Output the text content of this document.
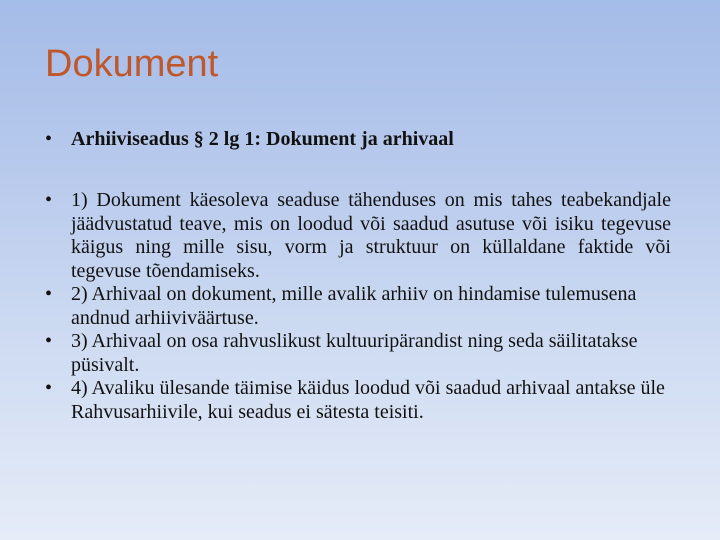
Dokument
• Arhiiviseadus § 2 lg 1: Dokument ja arhivaal
• 1) Dokument käesoleva seaduse tähenduses on mis tahes teabekandjale jäädvustatud teave, mis on loodud või saadud asutuse või isiku tegevuse käigus ning mille sisu, vorm ja struktuur on küllaldane faktide või tegevuse tõendamiseks.
• 2) Arhivaal on dokument, mille avalik arhiiv on hindamise tulemusena andnud arhiiviväärtuse.
• 3) Arhivaal on osa rahvuslikust kultuuripärandist ning seda säilitatakse püsivalt.
• 4) Avaliku ülesande täimise käidus loodud või saadud arhivaal antakse üle Rahvusarhiivile, kui seadus ei sätesta teisiti.
